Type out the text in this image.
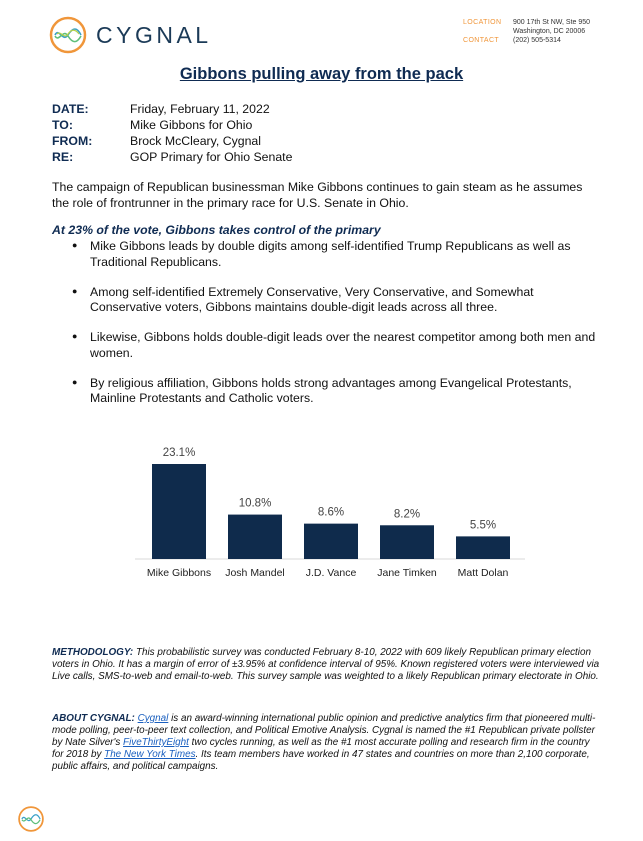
CYGNAL	LOCATION	900 17th St NW, Ste 950
Washington, DC 20006
CONTACT	(202) 505-5314
Gibbons pulling away from the pack
DATE:	Friday, February 11, 2022
TO:	Mike Gibbons for Ohio
FROM:	Brock McCleary, Cygnal
RE:	GOP Primary for Ohio Senate

The campaign of Republican businessman Mike Gibbons continues to gain steam as he assumes the role of frontrunner in the primary race for U.S. Senate in Ohio.

At 23% of the vote, Gibbons takes control of the primary
● Mike Gibbons leads by double digits among self-identified Trump Republicans as well as Traditional Republicans.
● Among self-identified Extremely Conservative, Very Conservative, and Somewhat Conservative voters, Gibbons maintains double-digit leads across all three.
● Likewise, Gibbons holds double-digit leads over the nearest competitor among both men and women.
● By religious affiliation, Gibbons holds strong advantages among Evangelical Protestants, Mainline Protestants and Catholic voters.
23.1%
Mike Gibbons
10.8%
Josh Mandel
8.6%
J.D. Vance
8.2%
Jane Timken
5.5%
Matt Dolan
METHODOLOGY: This probabilistic survey was conducted February 8-10, 2022 with 609 likely Republican primary election voters in Ohio. It has a margin of error of ±3.95% at confidence interval of 95%. Known registered voters were interviewed via Live calls, SMS-to-web and email-to-web. This survey sample was weighted to a likely Republican primary electorate in Ohio.
ABOUT CYGNAL: Cygnal is an award-winning international public opinion and predictive analytics firm that pioneered multi-mode polling, peer-to-peer text collection, and Political Emotive Analysis. Cygnal is named the #1 Republican private pollster by Nate Silver's FiveThirtyEight two cycles running, as well as the #1 most accurate polling and research firm in the country for 2018 by The New York Times. Its team members have worked in 47 states and countries on more than 2,100 corporate, public affairs, and political campaigns.
